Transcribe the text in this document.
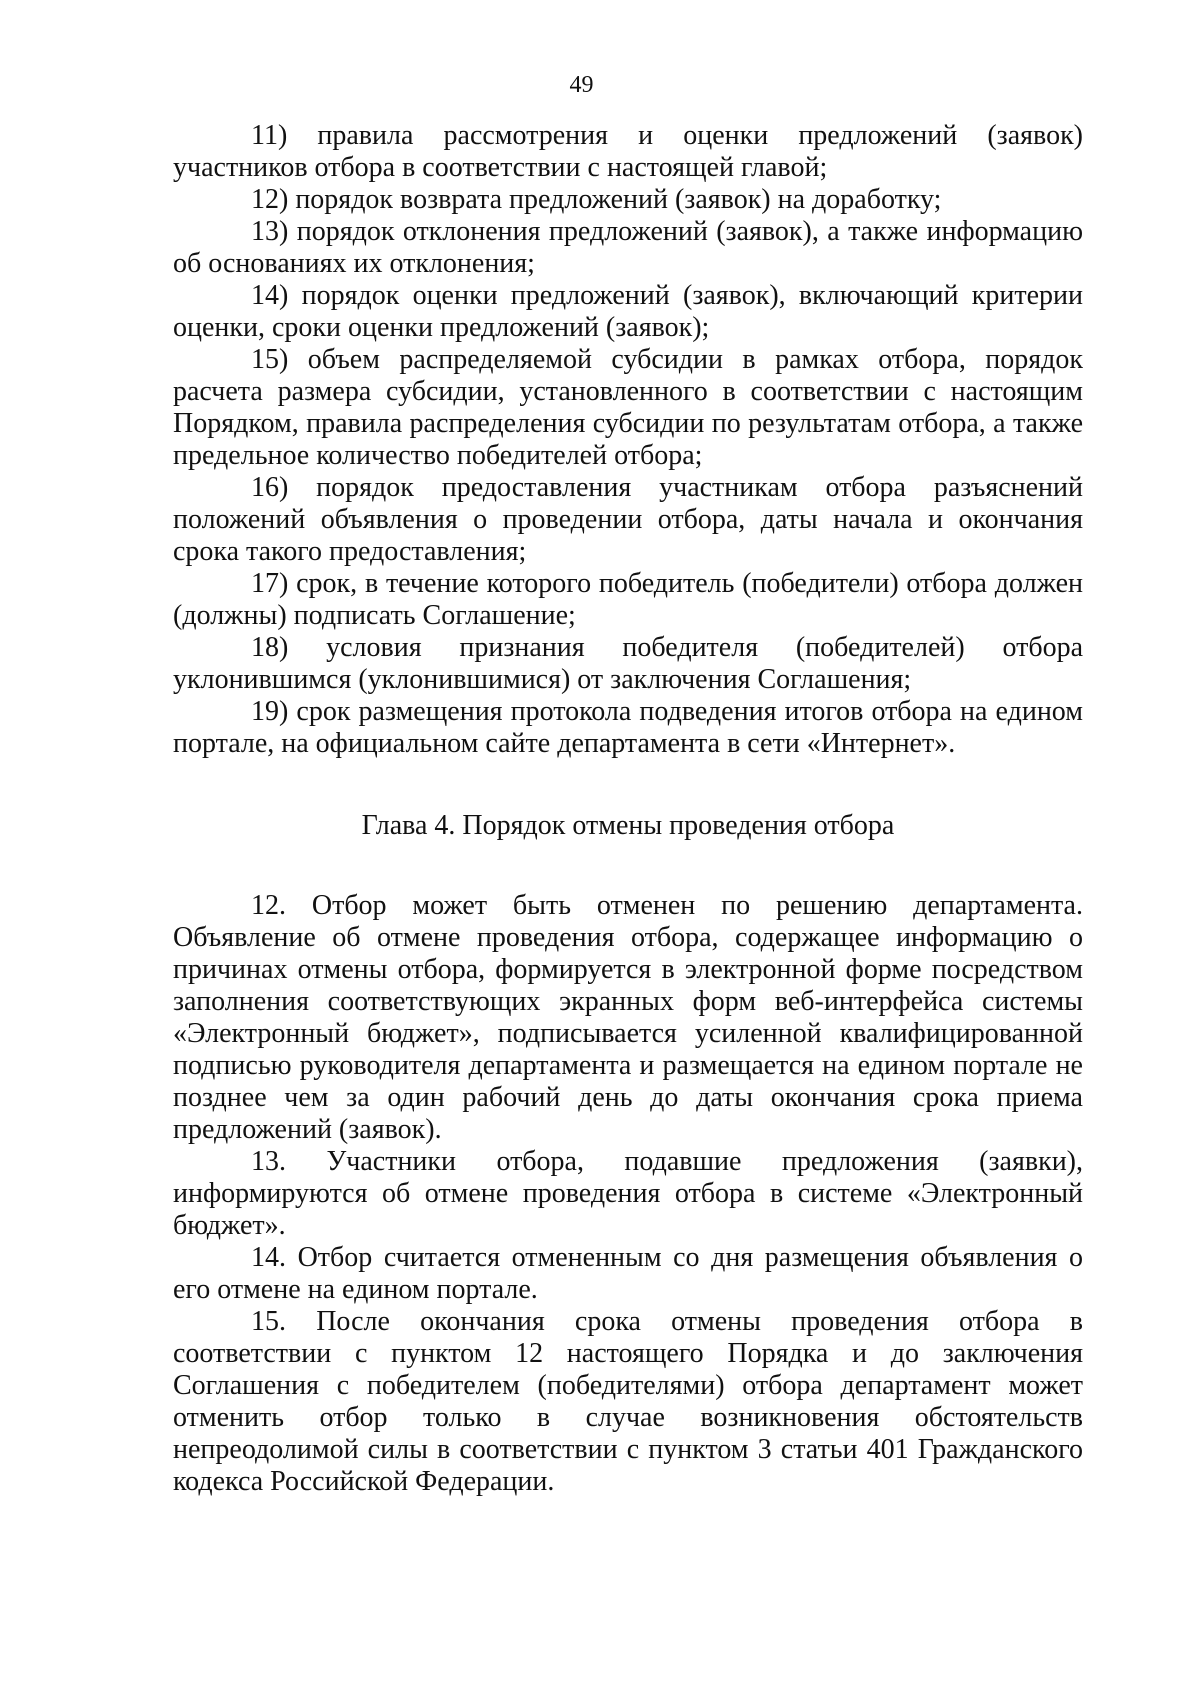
49

11) правила рассмотрения и оценки предложений (заявок) участников отбора в соответствии с настоящей главой;

12) порядок возврата предложений (заявок) на доработку;

13) порядок отклонения предложений (заявок), а также информацию об основаниях их отклонения;

14) порядок оценки предложений (заявок), включающий критерии оценки, сроки оценки предложений (заявок);

15) объем распределяемой субсидии в рамках отбора, порядок расчета размера субсидии, установленного в соответствии с настоящим Порядком, правила распределения субсидии по результатам отбора, а также предельное количество победителей отбора;

16) порядок предоставления участникам отбора разъяснений положений объявления о проведении отбора, даты начала и окончания срока такого предоставления;

17) срок, в течение которого победитель (победители) отбора должен (должны) подписать Соглашение;

18) условия признания победителя (победителей) отбора уклонившимся (уклонившимися) от заключения Соглашения;

19) срок размещения протокола подведения итогов отбора на едином портале, на официальном сайте департамента в сети «Интернет».

Глава 4. Порядок отмены проведения отбора

12. Отбор может быть отменен по решению департамента. Объявление об отмене проведения отбора, содержащее информацию о причинах отмены отбора, формируется в электронной форме посредством заполнения соответствующих экранных форм веб-интерфейса системы «Электронный бюджет», подписывается усиленной квалифицированной подписью руководителя департамента и размещается на едином портале не позднее чем за один рабочий день до даты окончания срока приема предложений (заявок).

13. Участники отбора, подавшие предложения (заявки), информируются об отмене проведения отбора в системе «Электронный бюджет».

14. Отбор считается отмененным со дня размещения объявления о его отмене на едином портале.

15. После окончания срока отмены проведения отбора в соответствии с пунктом 12 настоящего Порядка и до заключения Соглашения с победителем (победителями) отбора департамент может отменить отбор только в случае возникновения обстоятельств непреодолимой силы в соответствии с пунктом 3 статьи 401 Гражданского кодекса Российской Федерации.
